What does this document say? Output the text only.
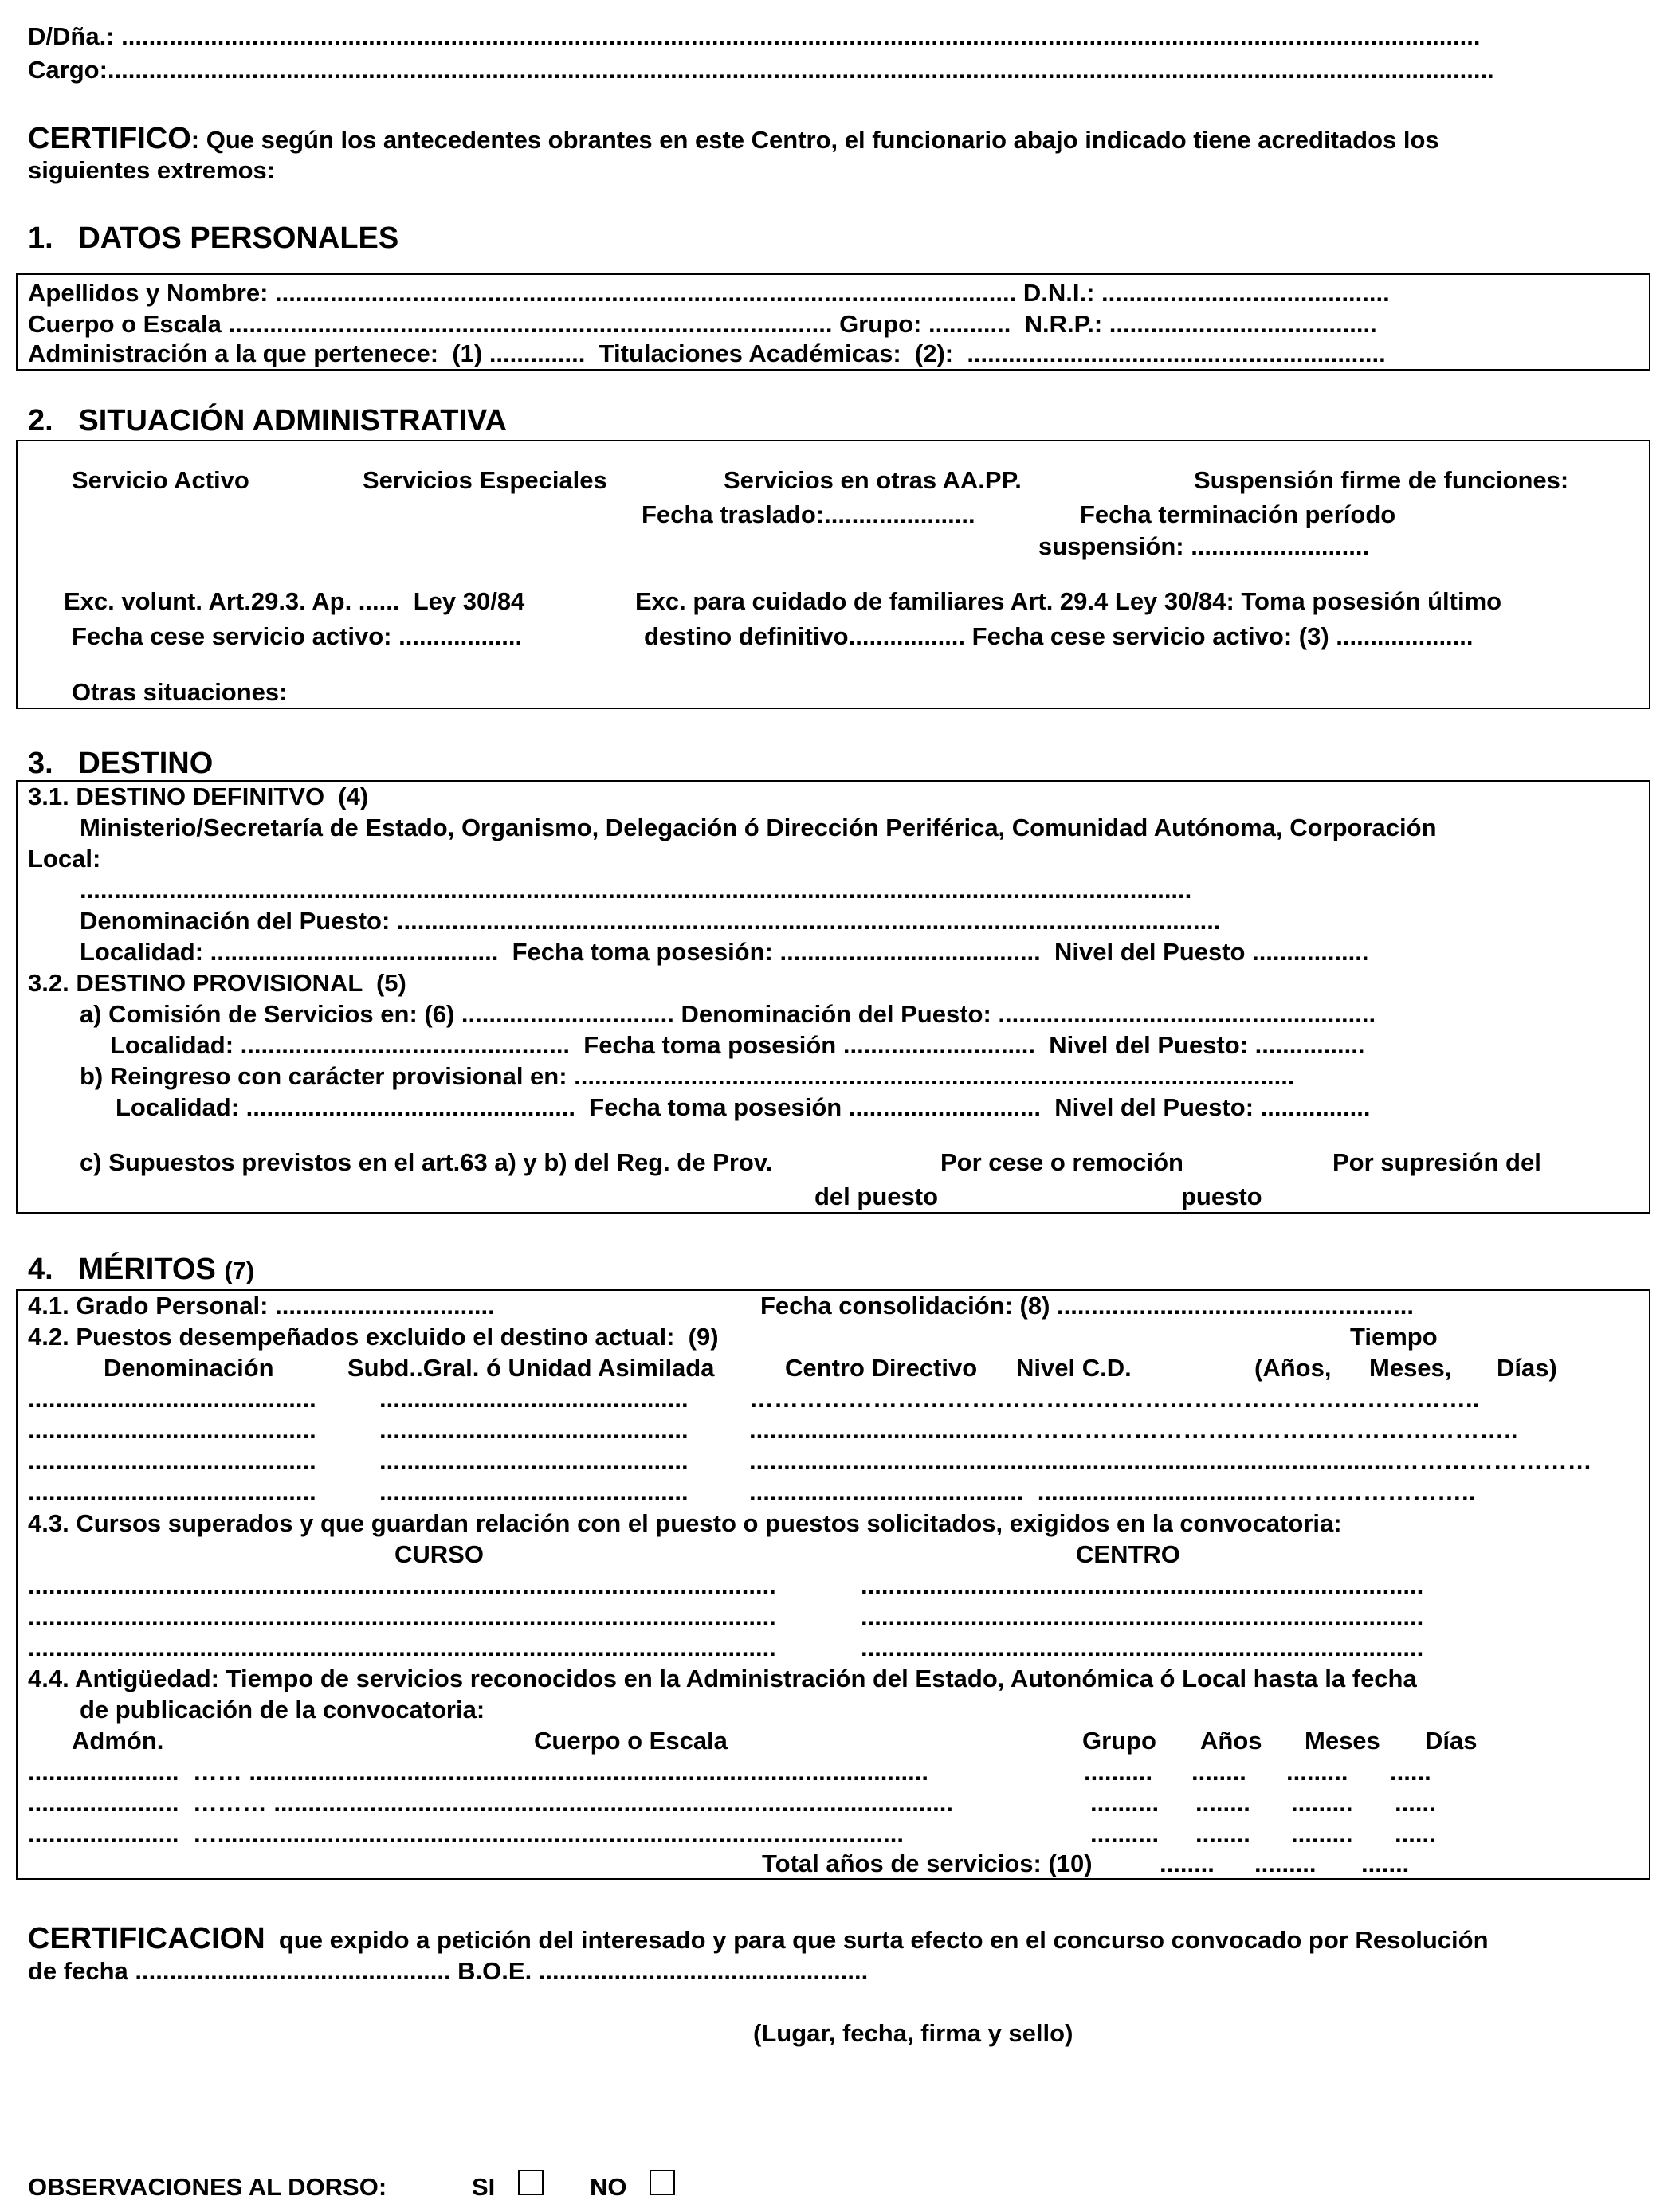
D/Dña.: ......................................................................................................................................................................................................
Cargo:..........................................................................................................................................................................................................
CERTIFICO: Que según los antecedentes obrantes en este Centro, el funcionario abajo indicado tiene acreditados los
siguientes extremos:
1.   DATOS PERSONALES
Apellidos y Nombre: ............................................................................................................ D.N.I.: ..........................................
Cuerpo o Escala ........................................................................................ Grupo: ............  N.R.P.: .......................................
Administración a la que pertenece:  (1) ..............  Titulaciones Académicas:  (2):  .............................................................
2.   SITUACIÓN ADMINISTRATIVA
Servicio Activo	Servicios Especiales	Servicios en otras AA.PP.	Suspensión firme de funciones:
Fecha traslado:......................	Fecha terminación período
suspensión: ..........................
Exc. volunt. Art.29.3. Ap. ......  Ley 30/84	Exc. para cuidado de familiares Art. 29.4 Ley 30/84: Toma posesión último
Fecha cese servicio activo: ..................	destino definitivo................. Fecha cese servicio activo: (3) ....................
Otras situaciones:
3.   DESTINO
3.1. DESTINO DEFINITVO  (4)
Ministerio/Secretaría de Estado, Organismo, Delegación ó Dirección Periférica, Comunidad Autónoma, Corporación
Local:
..................................................................................................................................................................
Denominación del Puesto: ........................................................................................................................
Localidad: ..........................................  Fecha toma posesión: ......................................  Nivel del Puesto .................
3.2. DESTINO PROVISIONAL  (5)
a) Comisión de Servicios en: (6) ............................... Denominación del Puesto: .......................................................
Localidad: ................................................  Fecha toma posesión ............................  Nivel del Puesto: ................
b) Reingreso con carácter provisional en: .........................................................................................................
Localidad: ................................................  Fecha toma posesión ............................  Nivel del Puesto: ................
c) Supuestos previstos en el art.63 a) y b) del Reg. de Prov.	Por cese o remoción	Por supresión del
del puesto	puesto
4.   MÉRITOS (7)
4.1. Grado Personal: ................................	Fecha consolidación: (8) ....................................................
4.2. Puestos desempeñados excluido el destino actual:  (9)	Tiempo
Denominación	Subd..Gral. ó Unidad Asimilada	Centro Directivo Nivel C.D.	(Años, Meses, Días)
..........................................	............................................. ……………………………………………………………………………..
..........................................	............................................. ......................................……………………………………………………..
..........................................	............................................. ..............................................................................................……………………
..........................................	............................................. ........................................  .................................……………………..
4.3. Cursos superados y que guardan relación con el puesto o puestos solicitados, exigidos en la convocatoria:
CURSO	CENTRO
.............................................................................................................	..................................................................................
.............................................................................................................	..................................................................................
.............................................................................................................	..................................................................................
4.4. Antigüedad: Tiempo de servicios reconocidos en la Administración del Estado, Autonómica ó Local hasta la fecha
de publicación de la convocatoria:
Admón.	Cuerpo o Escala	Grupo Años Meses Días
......................  …… ...................................................................................................	.......... ........ ......... ......
......................  ……… ...................................................................................................	.......... ........ ......... ......
......................  …....................................................................................................	.......... ........ ......... ......
Total años de servicios: (10)	........ ......... .......
CERTIFICACION que expido a petición del interesado y para que surta efecto en el concurso convocado por Resolución
de fecha .............................................. B.O.E. ................................................
(Lugar, fecha, firma y sello)
OBSERVACIONES AL DORSO:	SI	NO
